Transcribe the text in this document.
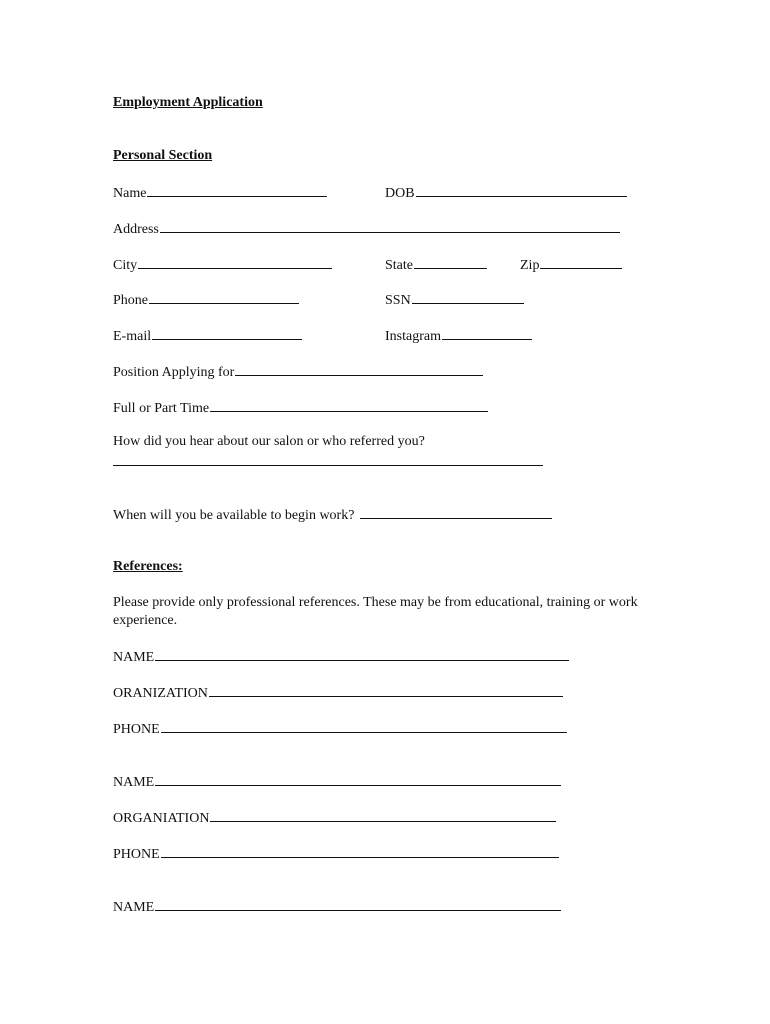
Employment Application
Personal Section
Name	DOB
Address
City	State	Zip
Phone	SSN
E-mail	Instagram
Position Applying for
Full or Part Time
How did you hear about our salon or who referred you?
When will you be available to begin work?
References:
Please provide only professional references. These may be from educational, training or work experience.
NAME
ORANIZATION
PHONE
NAME
ORGANIATION
PHONE
NAME
